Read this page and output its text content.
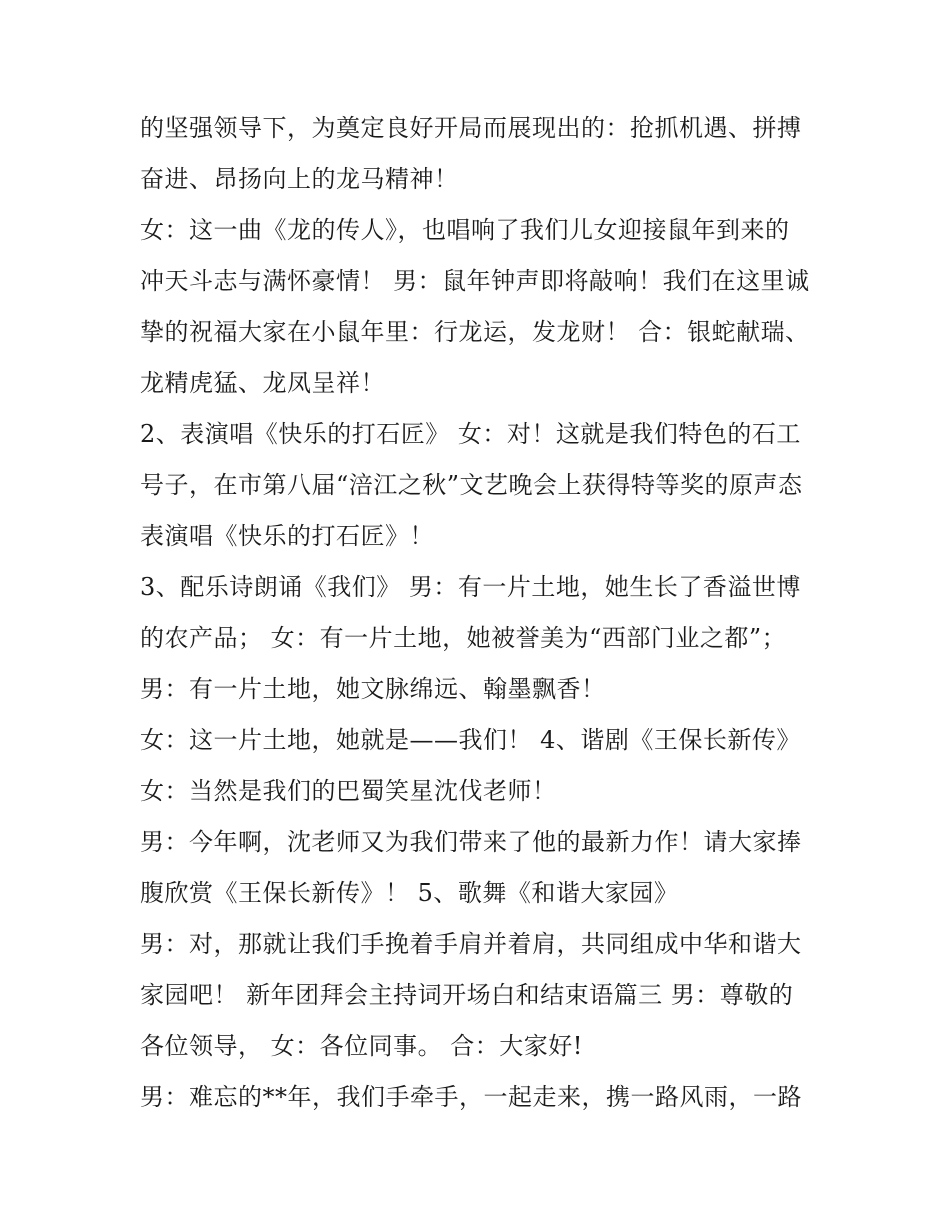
的坚强领导下，为奠定良好开局而展现出的：抢抓机遇、拼搏
奋进、昂扬向上的龙马精神！
女：这一曲《龙的传人》，也唱响了我们儿女迎接鼠年到来的
冲天斗志与满怀豪情！ 男：鼠年钟声即将敲响！我们在这里诚
挚的祝福大家在小鼠年里：行龙运，发龙财！ 合：银蛇献瑞、
龙精虎猛、龙凤呈祥！
2、表演唱《快乐的打石匠》 女：对！这就是我们特色的石工
号子，在市第八届“涪江之秋”文艺晚会上获得特等奖的原声态
表演唱《快乐的打石匠》！
3、配乐诗朗诵《我们》 男：有一片土地，她生长了香溢世博
的农产品； 女：有一片土地，她被誉美为“西部门业之都”；
男：有一片土地，她文脉绵远、翰墨飘香！
女：这一片土地，她就是——我们！ 4、谐剧《王保长新传》
女：当然是我们的巴蜀笑星沈伐老师！
男：今年啊，沈老师又为我们带来了他的最新力作！请大家捧
腹欣赏《王保长新传》！ 5、歌舞《和谐大家园》
男：对，那就让我们手挽着手肩并着肩，共同组成中华和谐大
家园吧！ 新年团拜会主持词开场白和结束语篇三 男：尊敬的
各位领导， 女：各位同事。 合：大家好!
男：难忘的**年，我们手牵手，一起走来，携一路风雨，一路
